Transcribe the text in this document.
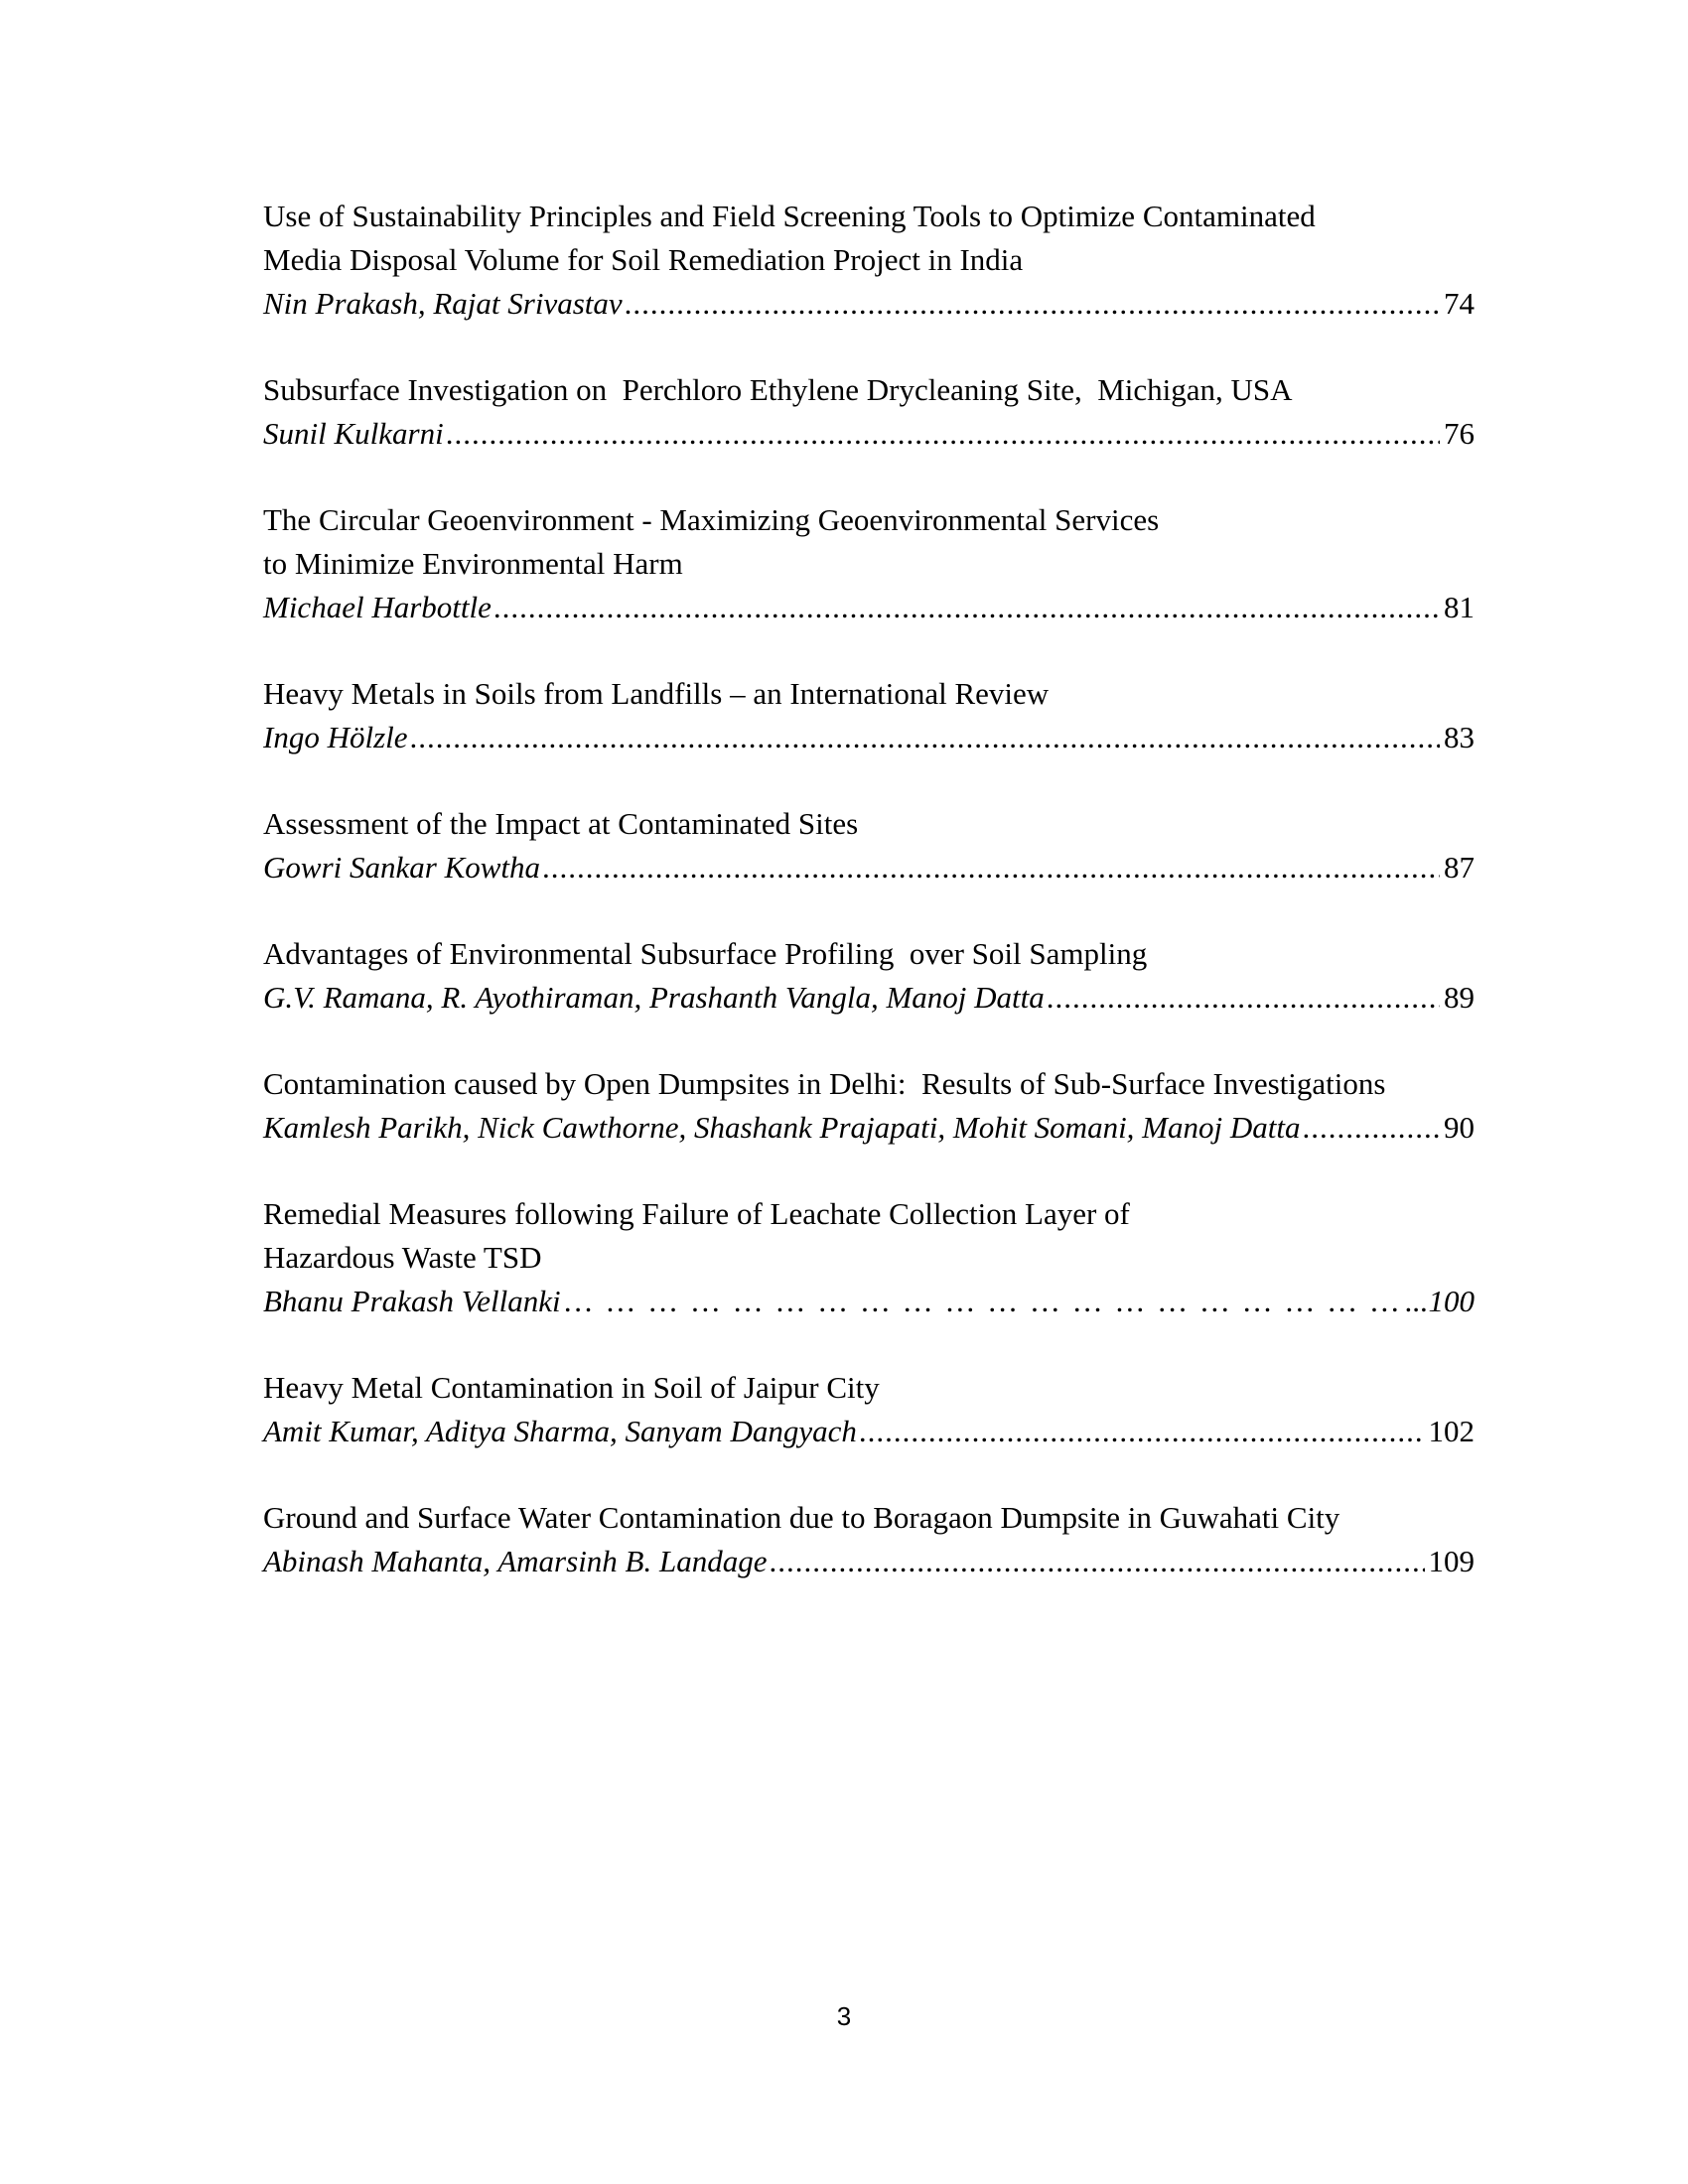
Use of Sustainability Principles and Field Screening Tools to Optimize Contaminated
Media Disposal Volume for Soil Remediation Project in India
Nin Prakash, Rajat Srivastav .....	74
Subsurface Investigation on  Perchloro Ethylene Drycleaning Site,  Michigan, USA
Sunil Kulkarni .....	76
The Circular Geoenvironment - Maximizing Geoenvironmental Services
to Minimize Environmental Harm
Michael Harbottle .....	81
Heavy Metals in Soils from Landfills – an International Review
Ingo Hölzle .....	83
Assessment of the Impact at Contaminated Sites
Gowri Sankar Kowtha .....	87
Advantages of Environmental Subsurface Profiling  over Soil Sampling
G.V. Ramana, R. Ayothiraman, Prashanth Vangla, Manoj Datta .....	89
Contamination caused by Open Dumpsites in Delhi:  Results of Sub-Surface Investigations
Kamlesh Parikh, Nick Cawthorne, Shashank Prajapati, Mohit Somani, Manoj Datta .....	90
Remedial Measures following Failure of Leachate Collection Layer of
Hazardous Waste TSD
Bhanu Prakash Vellanki … … … … … … … … … … … … … … … … … … … … … … … … … … … … … … … … … … … … … … … … … … … … … … … … … … … … … … … … … … … …	...100
Heavy Metal Contamination in Soil of Jaipur City
Amit Kumar, Aditya Sharma, Sanyam Dangyach .....	102
Ground and Surface Water Contamination due to Boragaon Dumpsite in Guwahati City
Abinash Mahanta, Amarsinh B. Landage .....	109
3
